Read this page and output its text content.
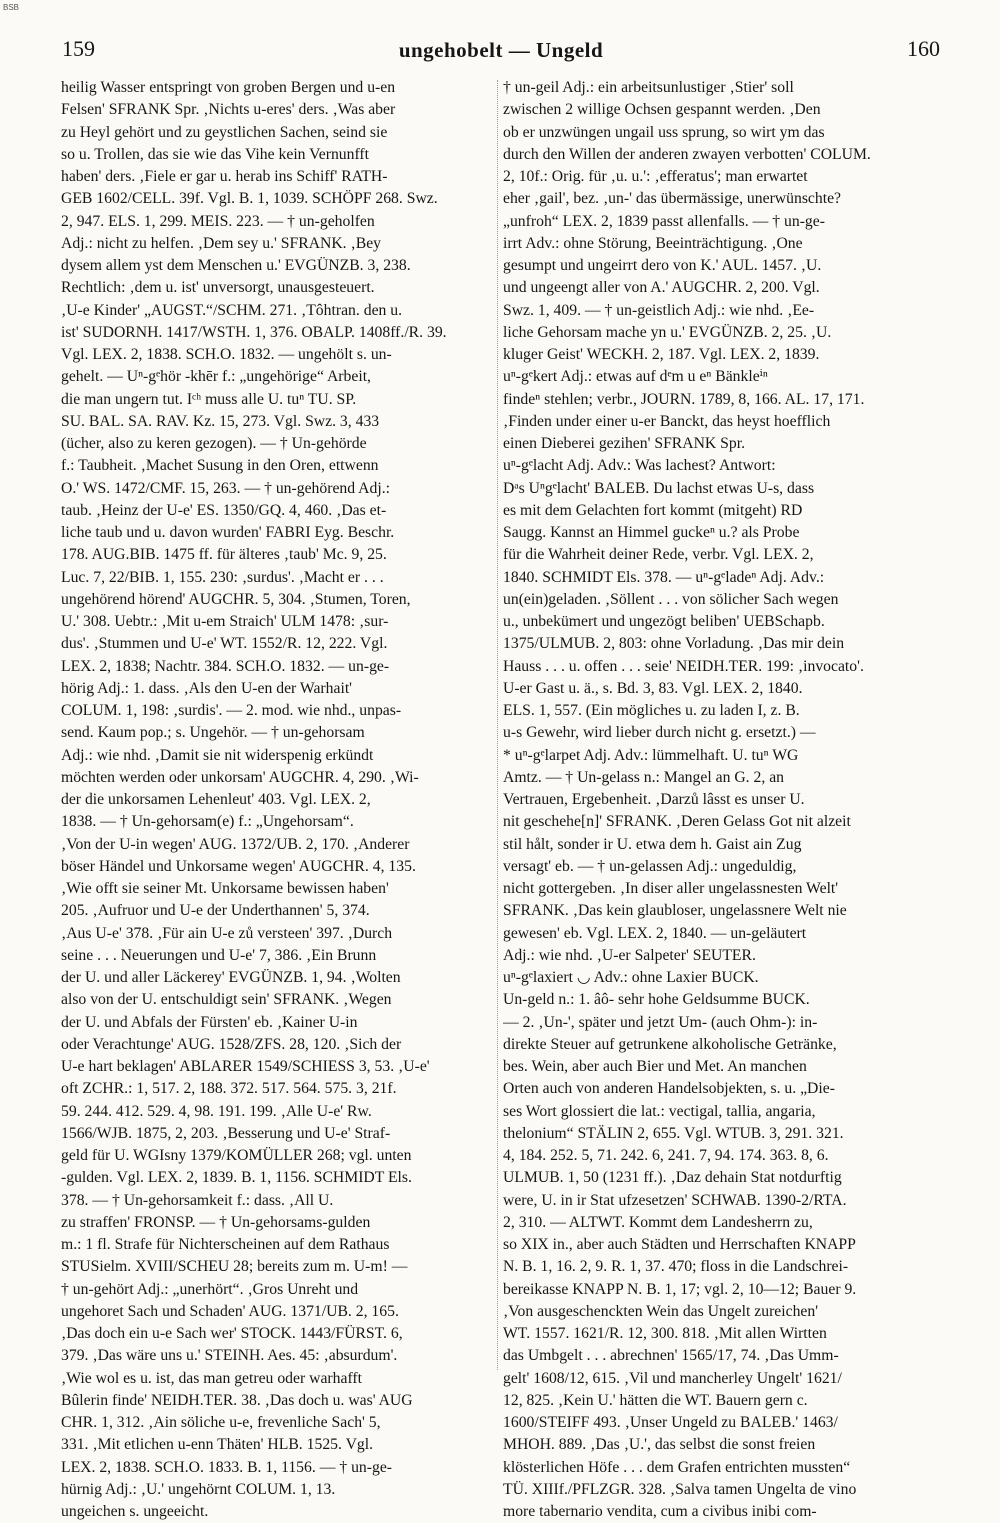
BSB
159	ungehobelt — Ungeld	160
heilig Wasser entspringt von groben Bergen und u-en
Felsen' SFRANK Spr. ‚Nichts u-eres' ders. ‚Was aber
zu Heyl gehört und zu geystlichen Sachen, seind sie
so u. Trollen, das sie wie das Vihe kein Vernunfft
haben' ders. ‚Fiele er gar u. herab ins Schiff' RATH-
GEB 1602/CELL. 39f. Vgl. B. 1, 1039. SCHÖPF 268. Swz.
2, 947. ELS. 1, 299. MEIS. 223. — † un-geholfen
Adj.: nicht zu helfen. ‚Dem sey u.' SFRANK. ‚Bey
dysem allem yst dem Menschen u.' EVGÜNZB. 3, 238.
Rechtlich: ‚dem u. ist' unversorgt, unausgesteuert.
‚U-e Kinder' „AUGST.“/SCHM. 271. ‚Tôhtran. den u.
ist' SUDORNH. 1417/WSTH. 1, 376. OBALP. 1408ff./R. 39.
Vgl. LEX. 2, 1838. SCH.O. 1832. — ungehölt s. un-
gehelt. — Uⁿ-gᵉhör -khēr f.: „ungehörige“ Arbeit,
die man ungern tut. Iᶜʰ muss alle U. tuⁿ TU. SP.
SU. BAL. SA. RAV. Kz. 15, 273. Vgl. Swz. 3, 433
(ücher, also zu keren gezogen). — † Un-gehörde
f.: Taubheit. ‚Machet Susung in den Oren, ettwenn
O.' WS. 1472/CMF. 15, 263. — † un-gehörend Adj.:
taub. ‚Heinz der U-e' ES. 1350/GQ. 4, 460. ‚Das et-
liche taub und u. davon wurden' FABRI Eyg. Beschr.
178. AUG.BIB. 1475 ff. für älteres ‚taub' Mc. 9, 25.
Luc. 7, 22/BIB. 1, 155. 230: ‚surdus'. ‚Macht er . . .
ungehörend hörend' AUGCHR. 5, 304. ‚Stumen, Toren,
U.' 308. Uebtr.: ‚Mit u-em Straich' ULM 1478: ‚sur-
dus'. ‚Stummen und U-e' WT. 1552/R. 12, 222. Vgl.
LEX. 2, 1838; Nachtr. 384. SCH.O. 1832. — un-ge-
hörig Adj.: 1. dass. ‚Als den U-en der Warhait'
COLUM. 1, 198: ‚surdis'. — 2. mod. wie nhd., unpas-
send. Kaum pop.; s. Ungehör. — † un-gehorsam
Adj.: wie nhd. ‚Damit sie nit widerspenig erkündt
möchten werden oder unkorsam' AUGCHR. 4, 290. ‚Wi-
der die unkorsamen Lehenleut' 403. Vgl. LEX. 2,
1838. — † Un-gehorsam(e) f.: „Ungehorsam“.
‚Von der U-in wegen' AUG. 1372/UB. 2, 170. ‚Anderer
böser Händel und Unkorsame wegen' AUGCHR. 4, 135.
‚Wie offt sie seiner Mt. Unkorsame bewissen haben'
205. ‚Aufruor und U-e der Underthannen' 5, 374.
‚Aus U-e' 378. ‚Für ain U-e zů versteen' 397. ‚Durch
seine . . . Neuerungen und U-e' 7, 386. ‚Ein Brunn
der U. und aller Läckerey' EVGÜNZB. 1, 94. ‚Wolten
also von der U. entschuldigt sein' SFRANK. ‚Wegen
der U. und Abfals der Fürsten' eb. ‚Kainer U-in
oder Verachtunge' AUG. 1528/ZFS. 28, 120. ‚Sich der
U-e hart beklagen' ABLARER 1549/SCHIESS 3, 53. ‚U-e'
oft ZCHR.: 1, 517. 2, 188. 372. 517. 564. 575. 3, 21f.
59. 244. 412. 529. 4, 98. 191. 199. ‚Alle U-e' Rw.
1566/WJB. 1875, 2, 203. ‚Besserung und U-e' Straf-
geld für U. WGIsny 1379/KOMÜLLER 268; vgl. unten
-gulden. Vgl. LEX. 2, 1839. B. 1, 1156. SCHMIDT Els.
378. — † Un-gehorsamkeit f.: dass. ‚All U.
zu straffen' FRONSP. — † Un-gehorsams-gulden
m.: 1 fl. Strafe für Nichterscheinen auf dem Rathaus
STUSielm. XVIII/SCHEU 28; bereits zum m. U-m! —
† un-gehört Adj.: „unerhört“. ‚Gros Unreht und
ungehoret Sach und Schaden' AUG. 1371/UB. 2, 165.
‚Das doch ein u-e Sach wer' STOCK. 1443/FÜRST. 6,
379. ‚Das wäre uns u.' STEINH. Aes. 45: ‚absurdum'.
‚Wie wol es u. ist, das man getreu oder warhafft
Bûlerin finde' NEIDH.TER. 38. ‚Das doch u. was' AUG
CHR. 1, 312. ‚Ain söliche u-e, frevenliche Sach' 5,
331. ‚Mit etlichen u-enn Thäten' HLB. 1525. Vgl.
LEX. 2, 1838. SCH.O. 1833. B. 1, 1156. — † un-ge-
hürnig Adj.: ‚U.' ungehörnt COLUM. 1, 13.
ungeichen s. ungeeicht.
† un-geil Adj.: ein arbeitsunlustiger ‚Stier' soll
zwischen 2 willige Ochsen gespannt werden. ‚Den
ob er unzwüngen ungail uss sprung, so wirt ym das
durch den Willen der anderen zwayen verbotten' COLUM.
2, 10f.: Orig. für ‚u. u.': ‚efferatus'; man erwartet
eher ‚gail', bez. ‚un-' das übermässige, unerwünschte?
„unfroh“ LEX. 2, 1839 passt allenfalls. — † un-ge-
irrt Adv.: ohne Störung, Beeinträchtigung. ‚One
gesumpt und ungeirrt dero von K.' AUL. 1457. ‚U.
und ungeengt aller von A.' AUGCHR. 2, 200. Vgl.
Swz. 1, 409. — † un-geistlich Adj.: wie nhd. ‚Ee-
liche Gehorsam mache yn u.' EVGÜNZB. 2, 25. ‚U.
kluger Geist' WECKH. 2, 187. Vgl. LEX. 2, 1839.
uⁿ-gᵉkert Adj.: etwas auf dᵉm u eⁿ Bänkleⁱⁿ
findeⁿ stehlen; verbr., JOURN. 1789, 8, 166. AL. 17, 171.
‚Finden under einer u-er Banckt, das heyst hoefflich
einen Dieberei gezihen' SFRANK Spr.
uⁿ-gᵉlacht Adj. Adv.: Was lachest? Antwort:
Dᵃs Uⁿgᵉlacht' BALEB. Du lachst etwas U-s, dass
es mit dem Gelachten fort kommt (mitgeht) RD
Saugg. Kannst an Himmel guckeⁿ u.? als Probe
für die Wahrheit deiner Rede, verbr. Vgl. LEX. 2,
1840. SCHMIDT Els. 378. — uⁿ-gᵉladeⁿ Adj. Adv.:
un(ein)geladen. ‚Söllent . . . von sölicher Sach wegen
u., unbekümert und ungezögt beliben' UEBSchapb.
1375/ULMUB. 2, 803: ohne Vorladung. ‚Das mir dein
Hauss . . . u. offen . . . seie' NEIDH.TER. 199: ‚invocato'.
U-er Gast u. ä., s. Bd. 3, 83. Vgl. LEX. 2, 1840.
ELS. 1, 557. (Ein mögliches u. zu laden I, z. B.
u-s Gewehr, wird lieber durch nicht g. ersetzt.) —
* uⁿ-gᵉlarpet Adj. Adv.: lümmelhaft. U. tuⁿ WG
Amtz. — † Un-gelass n.: Mangel an G. 2, an
Vertrauen, Ergebenheit. ‚Darzů lâsst es unser U.
nit geschehe[n]' SFRANK. ‚Deren Gelass Got nit alzeit
stil hålt, sonder ir U. etwa dem h. Gaist ain Zug
versagt' eb. — † un-gelassen Adj.: ungeduldig,
nicht gottergeben. ‚In diser aller ungelassnesten Welt'
SFRANK. ‚Das kein glaubloser, ungelassnere Welt nie
gewesen' eb. Vgl. LEX. 2, 1840. — un-geläutert
Adj.: wie nhd. ‚U-er Salpeter' SEUTER.
uⁿ-gᵉlaxiert ◡ Adv.: ohne Laxier BUCK.
Un-geld n.: 1. âô- sehr hohe Geldsumme BUCK.
— 2. ‚Un-', später und jetzt Um- (auch Ohm-): in-
direkte Steuer auf getrunkene alkoholische Getränke,
bes. Wein, aber auch Bier und Met. An manchen
Orten auch von anderen Handelsobjekten, s. u. „Die-
ses Wort glossiert die lat.: vectigal, tallia, angaria,
thelonium“ STÄLIN 2, 655. Vgl. WTUB. 3, 291. 321.
4, 184. 252. 5, 71. 242. 6, 241. 7, 94. 174. 363. 8, 6.
ULMUB. 1, 50 (1231 ff.). ‚Daz dehain Stat notdurftig
were, U. in ir Stat ufzesetzen' SCHWAB. 1390-2/RTA.
2, 310. — ALTWT. Kommt dem Landesherrn zu,
so XIX in., aber auch Städten und Herrschaften KNAPP
N. B. 1, 16. 2, 9. R. 1, 37. 470; floss in die Landschrei-
bereikasse KNAPP N. B. 1, 17; vgl. 2, 10—12; Bauer 9.
‚Von ausgeschenckten Wein das Ungelt zureichen'
WT. 1557. 1621/R. 12, 300. 818. ‚Mit allen Wirtten
das Umbgelt . . . abrechnen' 1565/17, 74. ‚Das Umm-
gelt' 1608/12, 615. ‚Vil und mancherley Ungelt' 1621/
12, 825. ‚Kein U.' hätten die WT. Bauern gern c.
1600/STEIFF 493. ‚Unser Ungeld zu BALEB.' 1463/
MHOH. 889. ‚Das ‚U.', das selbst die sonst freien
klösterlichen Höfe . . . dem Grafen entrichten mussten“
TÜ. XIIIf./PFLZGR. 328. ‚Salva tamen Ungelta de vino
more tabernario vendita, cum a civibus inibi com-
